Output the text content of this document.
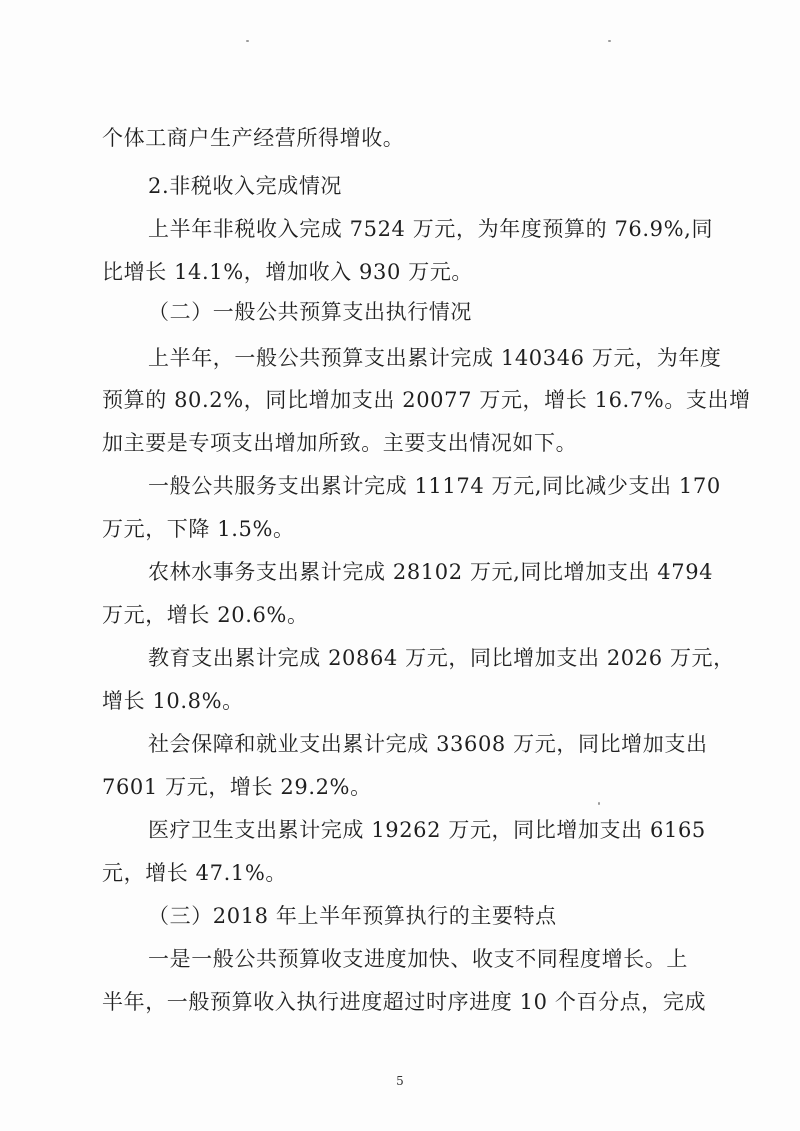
个体工商户生产经营所得增收。
2.非税收入完成情况
上半年非税收入完成 7524 万元，为年度预算的 76.9%,同
比增长 14.1%，增加收入 930 万元。
（二）一般公共预算支出执行情况
上半年，一般公共预算支出累计完成 140346 万元，为年度
预算的 80.2%，同比增加支出 20077 万元，增长 16.7%。支出增
加主要是专项支出增加所致。主要支出情况如下。
一般公共服务支出累计完成 11174 万元,同比减少支出 170
万元，下降 1.5%。
农林水事务支出累计完成 28102 万元,同比增加支出 4794
万元，增长 20.6%。
教育支出累计完成 20864 万元，同比增加支出 2026 万元，
增长 10.8%。
社会保障和就业支出累计完成 33608 万元，同比增加支出
7601 万元，增长 29.2%。
医疗卫生支出累计完成 19262 万元，同比增加支出 6165
元，增长 47.1%。
（三）2018 年上半年预算执行的主要特点
一是一般公共预算收支进度加快、收支不同程度增长。上
半年，一般预算收入执行进度超过时序进度 10 个百分点，完成
5
